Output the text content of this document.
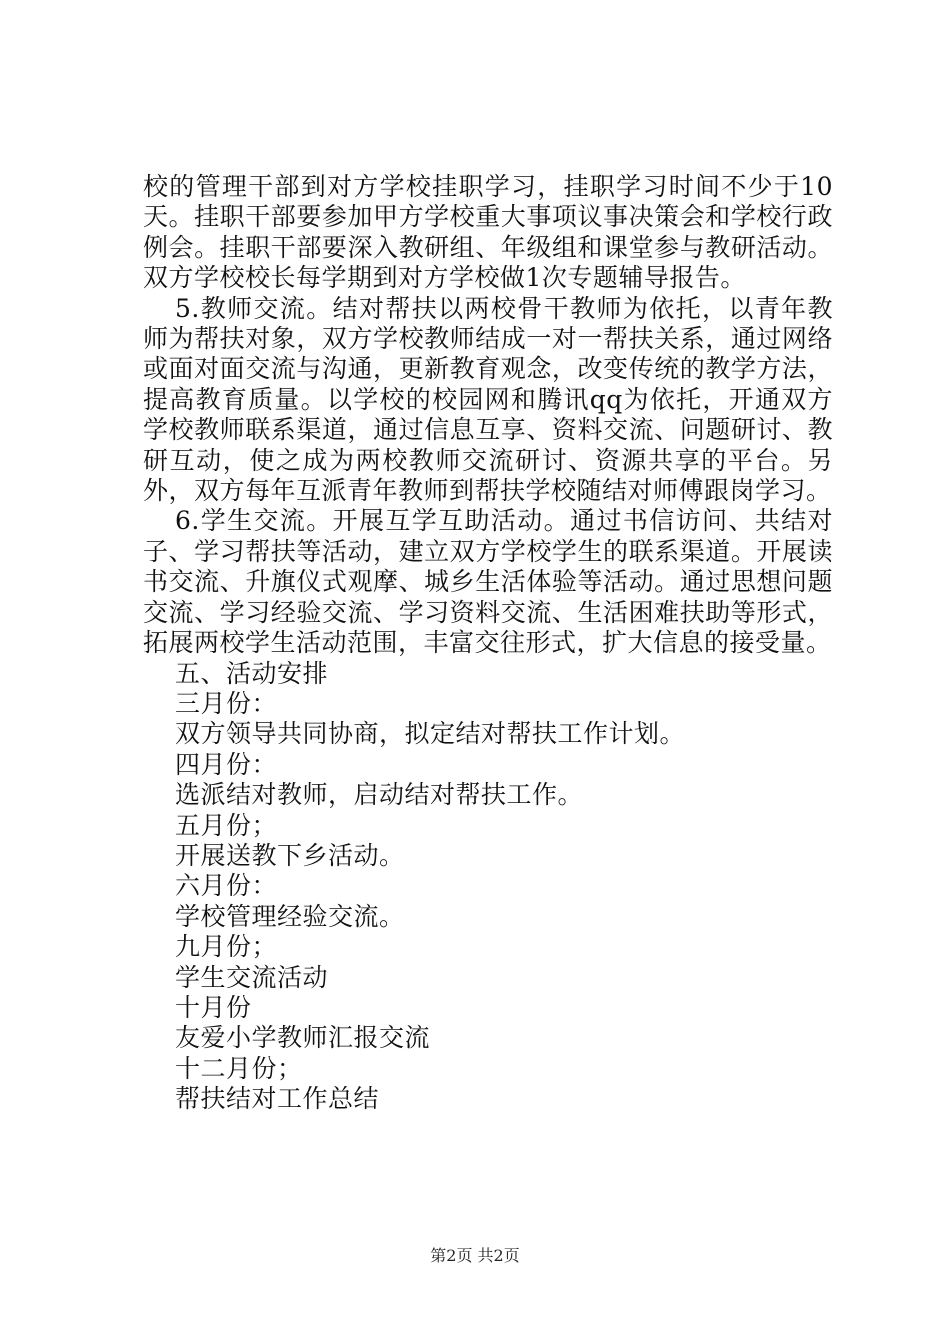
校的管理干部到对方学校挂职学习，挂职学习时间不少于10天。挂职干部要参加甲方学校重大事项议事决策会和学校行政例会。挂职干部要深入教研组、年级组和课堂参与教研活动。双方学校校长每学期到对方学校做1次专题辅导报告。

5.教师交流。结对帮扶以两校骨干教师为依托，以青年教师为帮扶对象，双方学校教师结成一对一帮扶关系，通过网络或面对面交流与沟通，更新教育观念，改变传统的教学方法，提高教育质量。以学校的校园网和腾讯qq为依托，开通双方学校教师联系渠道，通过信息互享、资料交流、问题研讨、教研互动，使之成为两校教师交流研讨、资源共享的平台。另外，双方每年互派青年教师到帮扶学校随结对师傅跟岗学习。

6.学生交流。开展互学互助活动。通过书信访问、共结对子、学习帮扶等活动，建立双方学校学生的联系渠道。开展读书交流、升旗仪式观摩、城乡生活体验等活动。通过思想问题交流、学习经验交流、学习资料交流、生活困难扶助等形式，拓展两校学生活动范围，丰富交往形式，扩大信息的接受量。

五、活动安排

三月份：

双方领导共同协商，拟定结对帮扶工作计划。

四月份：

选派结对教师，启动结对帮扶工作。

五月份；

开展送教下乡活动。

六月份：

学校管理经验交流。

九月份；

学生交流活动

十月份

友爱小学教师汇报交流

十二月份；

帮扶结对工作总结

第2页 共2页
